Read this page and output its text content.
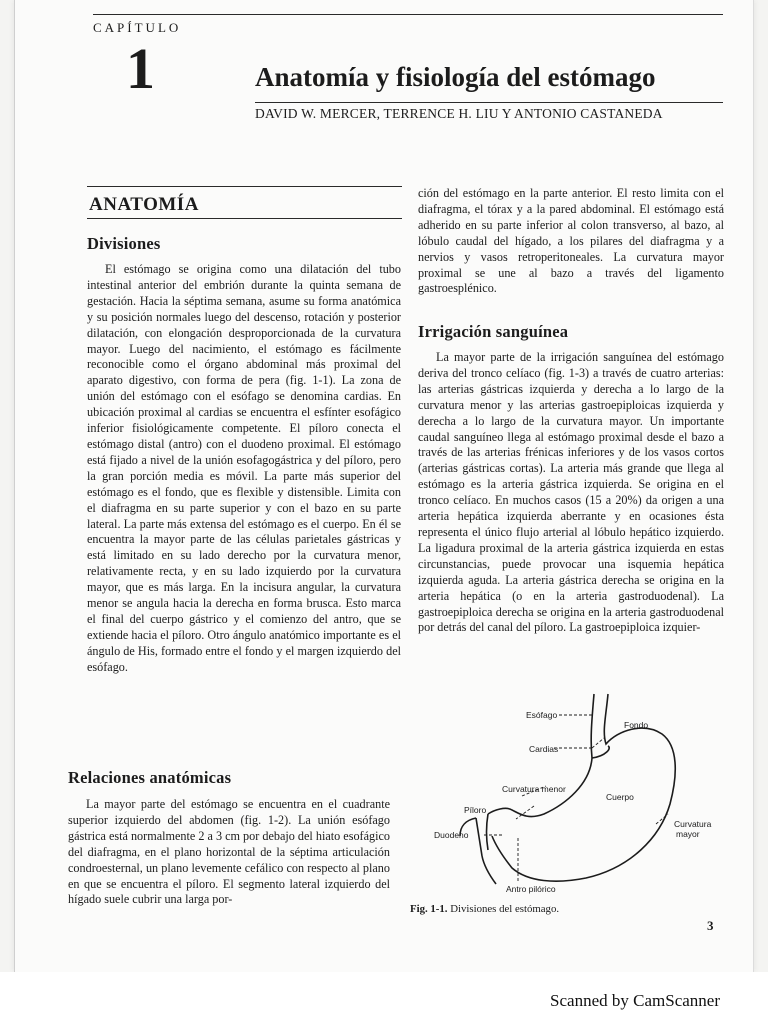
CAPÍTULO
1	Anatomía y fisiología del estómago
DAVID W. MERCER, TERRENCE H. LIU Y ANTONIO CASTANEDA
ANATOMÍA
Divisiones

El estómago se origina como una dilatación del tubo intestinal anterior del embrión durante la quinta semana de gestación. Hacia la séptima semana, asume su forma anatómica y su posición normales luego del descenso, rotación y posterior dilatación, con elongación desproporcionada de la curvatura mayor. Luego del nacimiento, el estómago es fácilmente reconocible como el órgano abdominal más proximal del aparato digestivo, con forma de pera (fig. 1-1). La zona de unión del estómago con el esófago se denomina cardias. En ubicación proximal al cardias se encuentra el esfínter esofágico inferior fisiológicamente competente. El píloro conecta el estómago distal (antro) con el duodeno proximal. El estómago está fijado a nivel de la unión esofagogástrica y del píloro, pero la gran porción media es móvil. La parte más superior del estómago es el fondo, que es flexible y distensible. Limita con el diafragma en su parte superior y con el bazo en su parte lateral. La parte más extensa del estómago es el cuerpo. En él se encuentra la mayor parte de las células parietales gástricas y está limitado en su lado derecho por la curvatura menor, relativamente recta, y en su lado izquierdo por la curvatura mayor, que es más larga. En la incisura angular, la curvatura menor se angula hacia la derecha en forma brusca. Esto marca el final del cuerpo gástrico y el comienzo del antro, que se extiende hacia el píloro. Otro ángulo anatómico importante es el ángulo de His, formado entre el fondo y el margen izquierdo del esófago.

Relaciones anatómicas

La mayor parte del estómago se encuentra en el cuadrante superior izquierdo del abdomen (fig. 1-2). La unión esófago gástrica está normalmente 2 a 3 cm por debajo del hiato esofágico del diafragma, en el plano horizontal de la séptima articulación condroesternal, un plano levemente cefálico con respecto al plano en que se encuentra el píloro. El segmento lateral izquierdo del hígado suele cubrir una larga por-

ción del estómago en la parte anterior. El resto limita con el diafragma, el tórax y a la pared abdominal. El estómago está adherido en su parte inferior al colon transverso, al bazo, al lóbulo caudal del hígado, a los pilares del diafragma y a nervios y vasos retroperitoneales. La curvatura mayor proximal se une al bazo a través del ligamento gastroesplénico.

Irrigación sanguínea

La mayor parte de la irrigación sanguínea del estómago deriva del tronco celíaco (fig. 1-3) a través de cuatro arterias: las arterias gástricas izquierda y derecha a lo largo de la curvatura menor y las arterias gastroepiploicas izquierda y derecha a lo largo de la curvatura mayor. Un importante caudal sanguíneo llega al estómago proximal desde el bazo a través de las arterias frénicas inferiores y de los vasos cortos (arterias gástricas cortas). La arteria más grande que llega al estómago es la arteria gástrica izquierda. Se origina en el tronco celíaco. En muchos casos (15 a 20%) da origen a una arteria hepática izquierda aberrante y en ocasiones ésta representa el único flujo arterial al lóbulo hepático izquierdo. La ligadura proximal de la arteria gástrica izquierda en estas circunstancias, puede provocar una isquemia hepática izquierda aguda. La arteria gástrica derecha se origina en la arteria hepática (o en la arteria gastroduodenal). La gastroepiploica derecha se origina en la arteria gastroduodenal por detrás del canal del píloro. La gastroepiploica izquier-

Esófago
Fondo
Cardias
Curvatura menor
Cuerpo
Píloro
Duodeno
Curvatura
mayor
Antro pilórico
Fig. 1-1. Divisiones del estómago.
3
Scanned by CamScanner
